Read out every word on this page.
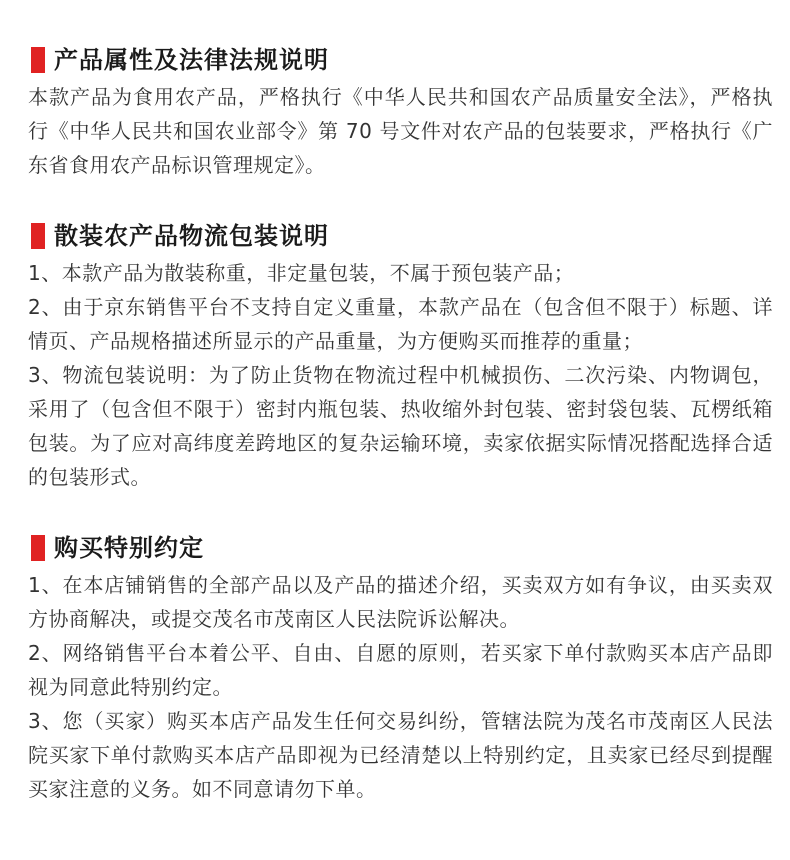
产品属性及法律法规说明

本款产品为食用农产品，严格执行《中华人民共和国农产品质量安全法》，严格执行《中华人民共和国农业部令》第 70 号文件对农产品的包装要求，严格执行《广东省食用农产品标识管理规定》。

散装农产品物流包装说明

1、本款产品为散装称重，非定量包装，不属于预包装产品；

2、由于京东销售平台不支持自定义重量，本款产品在（包含但不限于）标题、详情页、产品规格描述所显示的产品重量，为方便购买而推荐的重量；

3、物流包装说明：为了防止货物在物流过程中机械损伤、二次污染、内物调包，采用了（包含但不限于）密封内瓶包装、热收缩外封包装、密封袋包装、瓦楞纸箱包装。为了应对高纬度差跨地区的复杂运输环境，卖家依据实际情况搭配选择合适的包装形式。

购买特别约定

1、在本店铺销售的全部产品以及产品的描述介绍，买卖双方如有争议，由买卖双方协商解决，或提交茂名市茂南区人民法院诉讼解决。

2、网络销售平台本着公平、自由、自愿的原则，若买家下单付款购买本店产品即视为同意此特别约定。

3、您（买家）购买本店产品发生任何交易纠纷，管辖法院为茂名市茂南区人民法院买家下单付款购买本店产品即视为已经清楚以上特别约定，且卖家已经尽到提醒买家注意的义务。如不同意请勿下单。
